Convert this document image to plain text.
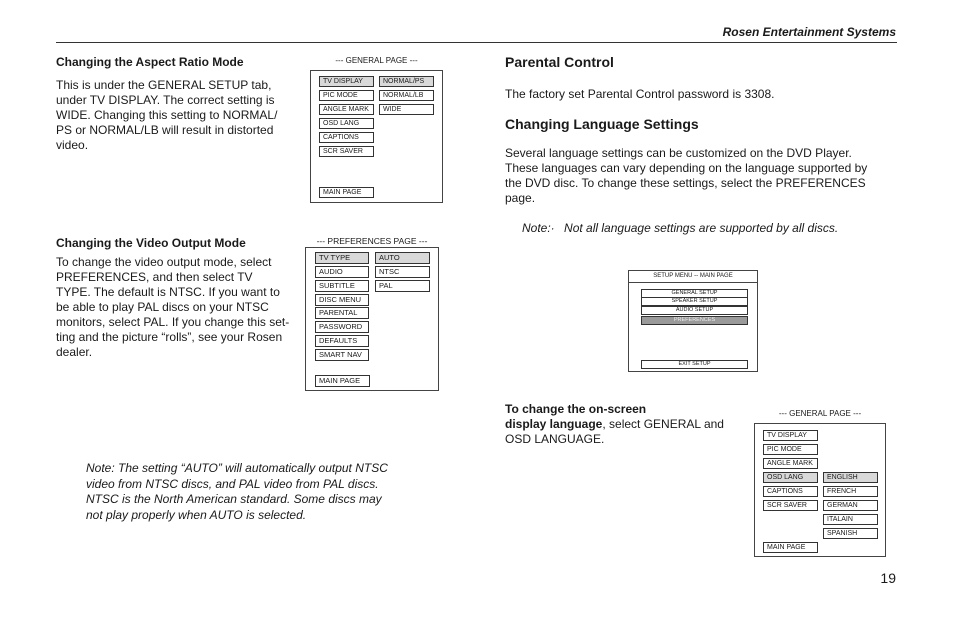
Rosen Entertainment Systems
Changing the Aspect Ratio Mode
This is under the GENERAL SETUP tab,
under TV DISPLAY. The correct setting is
WIDE. Changing this setting to NORMAL/
PS or NORMAL/LB will result in distorted
video.
--- GENERAL PAGE ---
TV DISPLAY
PIC MODE
ANGLE MARK
OSD LANG
CAPTIONS
SCR SAVER
NORMAL/PS
NORMAL/LB
WIDE
MAIN PAGE
Changing the Video Output Mode
To change the video output mode, select
PREFERENCES, and then select TV
TYPE. The default is NTSC. If you want to
be able to play PAL discs on your NTSC
monitors, select PAL. If you change this set-
ting and the picture “rolls”, see your Rosen
dealer.
--- PREFERENCES PAGE ---
TV TYPE
AUDIO
SUBTITLE
DISC MENU
PARENTAL
PASSWORD
DEFAULTS
SMART NAV
AUTO
NTSC
PAL
MAIN PAGE
Note: The setting “AUTO” will automatically output NTSC
video from NTSC discs, and PAL video from PAL discs.
NTSC is the North American standard. Some discs may
not play properly when AUTO is selected.
Parental Control
The factory set Parental Control password is 3308.
Changing Language Settings
Several language settings can be customized on the DVD Player.
These languages can vary depending on the language supported by
the DVD disc. To change these settings, select the PREFERENCES
page.
Note:· Not all language settings are supported by all discs.
SETUP MENU -- MAIN PAGE
GENERAL SETUP
SPEAKER SETUP
AUDIO SETUP
PREFERENCES
EXIT SETUP
To change the on-screen
display language, select GENERAL and
OSD LANGUAGE.
--- GENERAL PAGE ---
TV DISPLAY
PIC MODE
ANGLE MARK
OSD LANG
CAPTIONS
SCR SAVER
ENGLISH
FRENCH
GERMAN
ITALAIN
SPANISH
MAIN PAGE
19
